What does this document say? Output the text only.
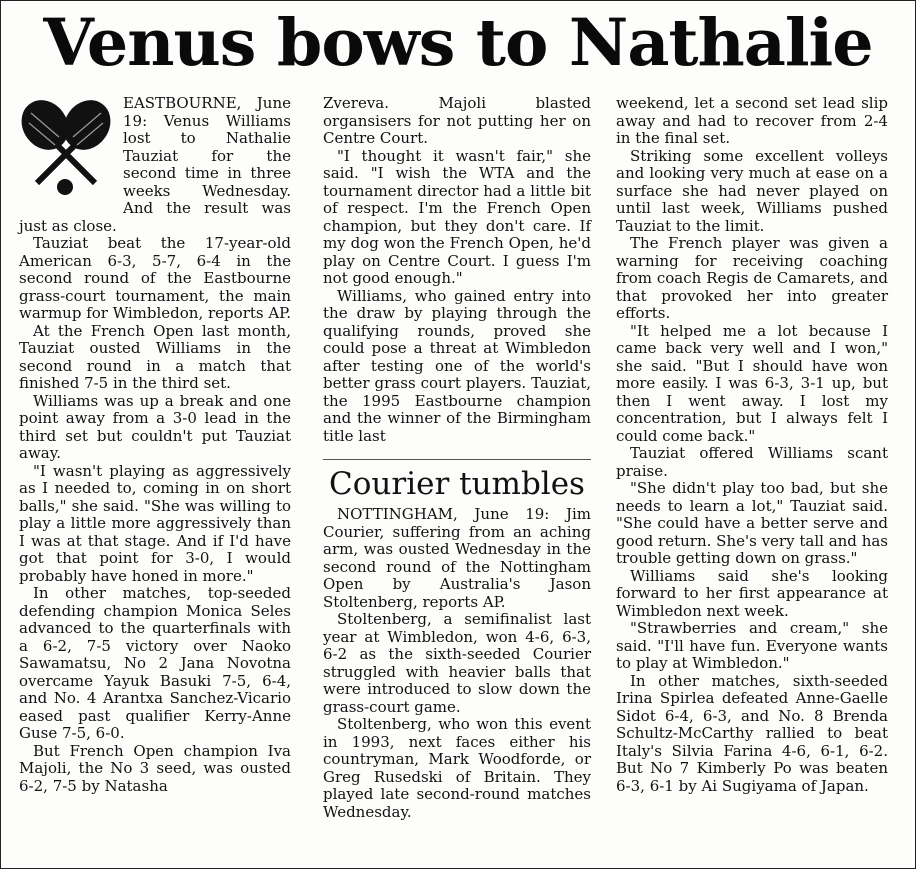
Venus bows to Nathalie

EASTBOURNE, June 19: Venus Williams lost to Nathalie Tauziat for the second time in three weeks Wednesday. And the result was just as close.

Tauziat beat the 17-year-old American 6-3, 5-7, 6-4 in the second round of the Eastbourne grass-court tournament, the main warmup for Wimbledon, reports AP.

At the French Open last month, Tauziat ousted Williams in the second round in a match that finished 7-5 in the third set.

Williams was up a break and one point away from a 3-0 lead in the third set but couldn't put Tauziat away.

"I wasn't playing as aggressively as I needed to, coming in on short balls," she said. "She was willing to play a little more aggressively than I was at that stage. And if I'd have got that point for 3-0, I would probably have honed in more."

In other matches, top-seeded defending champion Monica Seles advanced to the quarterfinals with a 6-2, 7-5 victory over Naoko Sawamatsu, No 2 Jana Novotna overcame Yayuk Basuki 7-5, 6-4, and No. 4 Arantxa Sanchez-Vicario eased past qualifier Kerry-Anne Guse 7-5, 6-0.

But French Open champion Iva Majoli, the No 3 seed, was ousted 6-2, 7-5 by Natasha

Zvereva. Majoli blasted organsisers for not putting her on Centre Court.

"I thought it wasn't fair," she said. "I wish the WTA and the tournament director had a little bit of respect. I'm the French Open champion, but they don't care. If my dog won the French Open, he'd play on Centre Court. I guess I'm not good enough."

Williams, who gained entry into the draw by playing through the qualifying rounds, proved she could pose a threat at Wimbledon after testing one of the world's better grass court players. Tauziat, the 1995 Eastbourne champion and the winner of the Birmingham title last

Courier tumbles

NOTTINGHAM, June 19: Jim Courier, suffering from an aching arm, was ousted Wednesday in the second round of the Nottingham Open by Australia's Jason Stoltenberg, reports AP.

Stoltenberg, a semifinalist last year at Wimbledon, won 4-6, 6-3, 6-2 as the sixth-seeded Courier struggled with heavier balls that were introduced to slow down the grass-court game.

Stoltenberg, who won this event in 1993, next faces either his countryman, Mark Woodforde, or Greg Rusedski of Britain. They played late second-round matches Wednesday.

weekend, let a second set lead slip away and had to recover from 2-4 in the final set.

Striking some excellent volleys and looking very much at ease on a surface she had never played on until last week, Williams pushed Tauziat to the limit.

The French player was given a warning for receiving coaching from coach Regis de Camarets, and that provoked her into greater efforts.

"It helped me a lot because I came back very well and I won," she said. "But I should have won more easily. I was 6-3, 3-1 up, but then I went away. I lost my concentration, but I always felt I could come back."

Tauziat offered Williams scant praise.

"She didn't play too bad, but she needs to learn a lot," Tauziat said. "She could have a better serve and good return. She's very tall and has trouble getting down on grass."

Williams said she's looking forward to her first appearance at Wimbledon next week.

"Strawberries and cream," she said. "I'll have fun. Everyone wants to play at Wimbledon."

In other matches, sixth-seeded Irina Spirlea defeated Anne-Gaelle Sidot 6-4, 6-3, and No. 8 Brenda Schultz-McCarthy rallied to beat Italy's Silvia Farina 4-6, 6-1, 6-2. But No 7 Kimberly Po was beaten 6-3, 6-1 by Ai Sugiyama of Japan.
